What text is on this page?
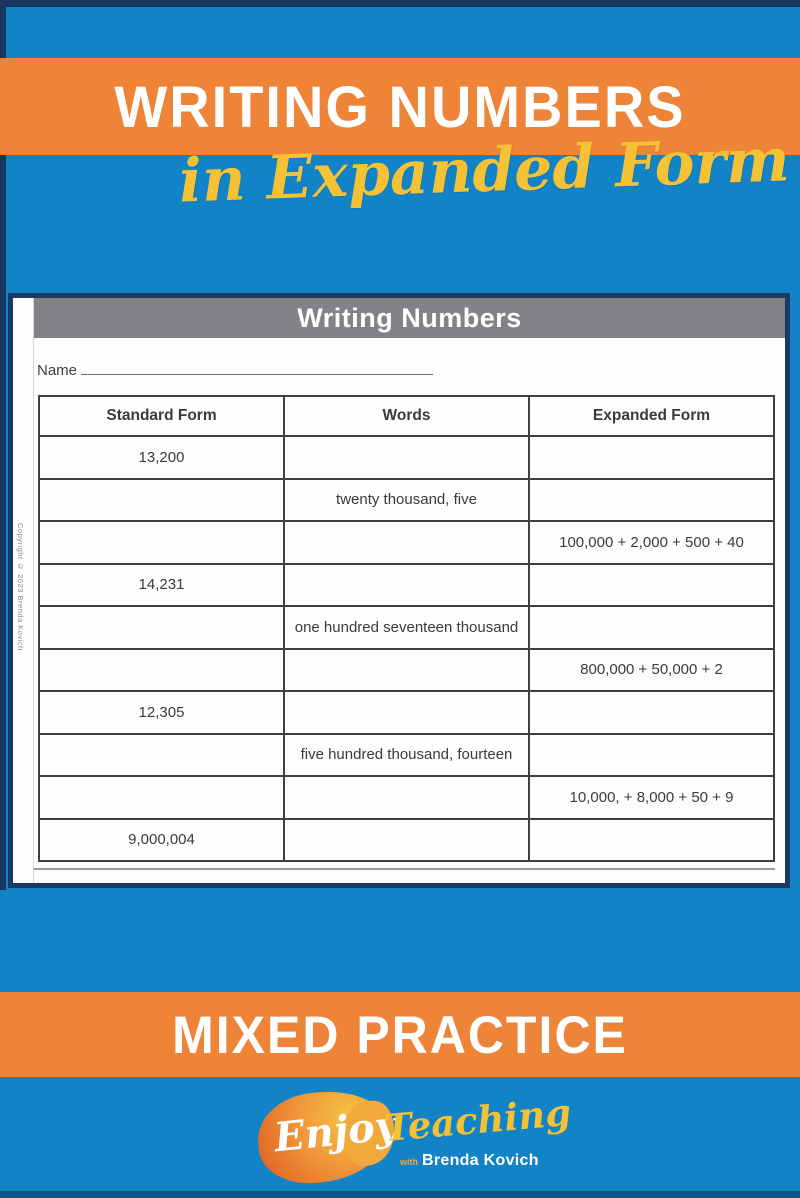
WRITING NUMBERS
in Expanded Form
Copyright © 2023 Brenda Kovich
Writing Numbers
Name
Standard Form	Words	Expanded Form
13,200		
	twenty thousand, five	
		100,000 + 2,000 + 500 + 40
14,231		
	one hundred seventeen thousand	
		800,000 + 50,000 + 2
12,305		
	five hundred thousand, fourteen	
		10,000, + 8,000 + 50 + 9
9,000,004		
MIXED PRACTICE
Enjoy
Teaching
with Brenda Kovich
